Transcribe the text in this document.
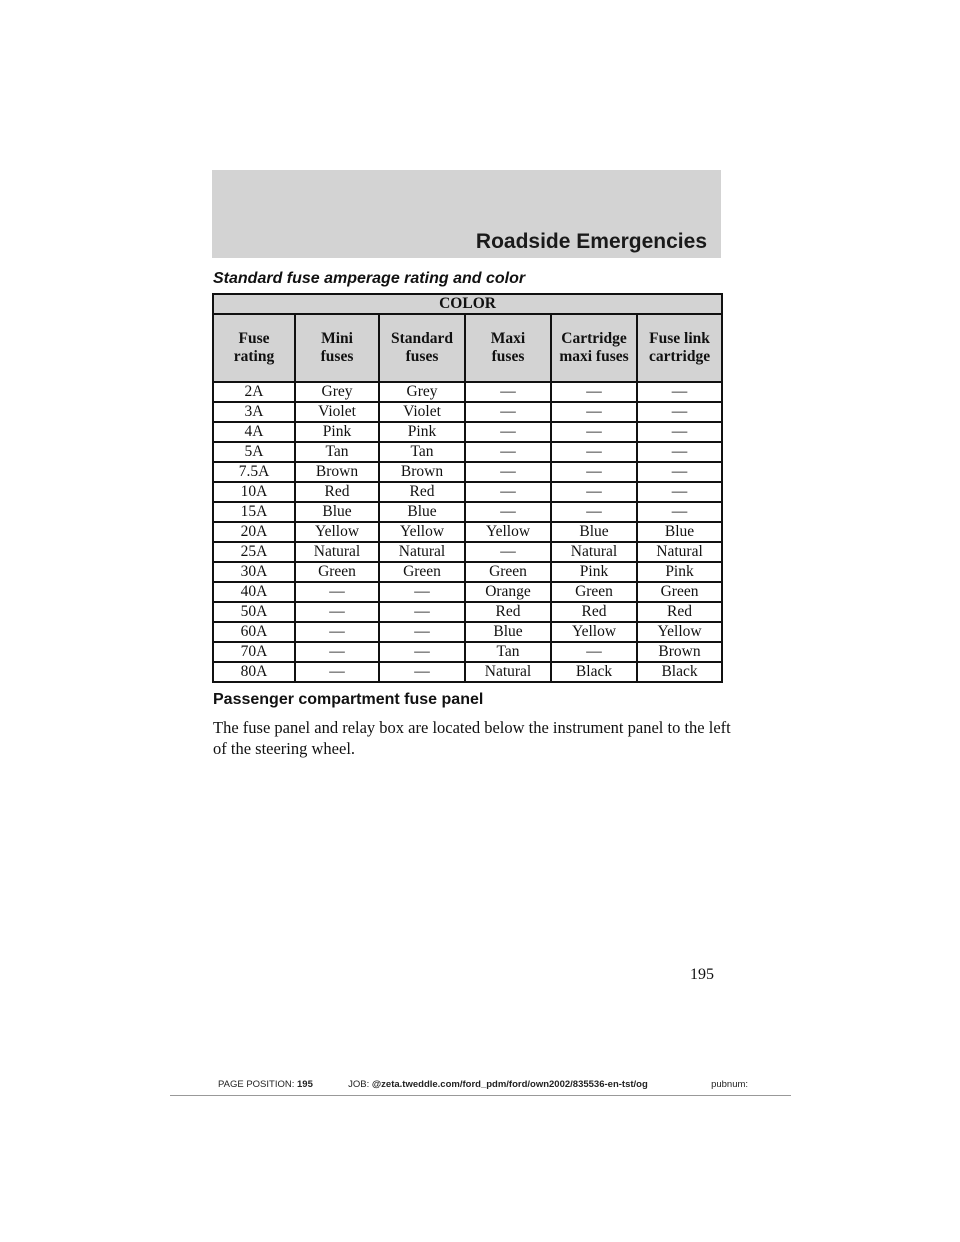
Roadside Emergencies
Standard fuse amperage rating and color
COLOR					
Fuse rating	Mini fuses	Standard fuses	Maxi fuses	Cartridge maxi fuses	Fuse link cartridge
2A	Grey	Grey	—	—	—
3A	Violet	Violet	—	—	—
4A	Pink	Pink	—	—	—
5A	Tan	Tan	—	—	—
7.5A	Brown	Brown	—	—	—
10A	Red	Red	—	—	—
15A	Blue	Blue	—	—	—
20A	Yellow	Yellow	Yellow	Blue	Blue
25A	Natural	Natural	—	Natural	Natural
30A	Green	Green	Green	Pink	Pink
40A	—	—	Orange	Green	Green
50A	—	—	Red	Red	Red
60A	—	—	Blue	Yellow	Yellow
70A	—	—	Tan	—	Brown
80A	—	—	Natural	Black	Black
Passenger compartment fuse panel
The fuse panel and relay box are located below the instrument panel to the left of the steering wheel.
195
PAGE POSITION: 195	JOB: @zeta.tweddle.com/ford_pdm/ford/own2002/835536-en-tst/og	pubnum:
